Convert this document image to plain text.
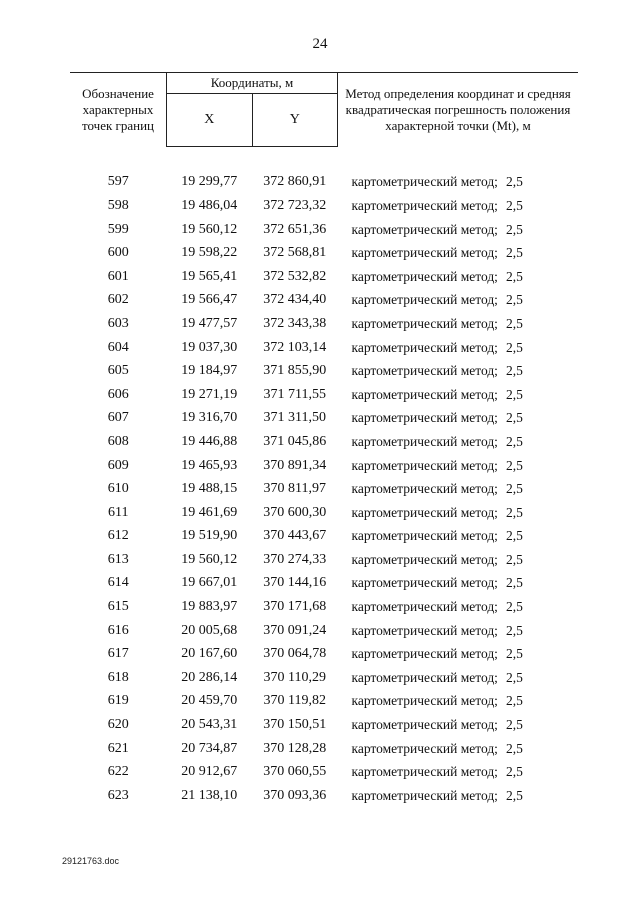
24
Обозначение характерных точек границ	Координаты, м		Метод определения координат и средняя квадратическая погрешность положения характерной точки (Mt), м
	X	Y	

597	19 299,77	372 860,91	картометрический метод; 2,5
598	19 486,04	372 723,32	картометрический метод; 2,5
599	19 560,12	372 651,36	картометрический метод; 2,5
600	19 598,22	372 568,81	картометрический метод; 2,5
601	19 565,41	372 532,82	картометрический метод; 2,5
602	19 566,47	372 434,40	картометрический метод; 2,5
603	19 477,57	372 343,38	картометрический метод; 2,5
604	19 037,30	372 103,14	картометрический метод; 2,5
605	19 184,97	371 855,90	картометрический метод; 2,5
606	19 271,19	371 711,55	картометрический метод; 2,5
607	19 316,70	371 311,50	картометрический метод; 2,5
608	19 446,88	371 045,86	картометрический метод; 2,5
609	19 465,93	370 891,34	картометрический метод; 2,5
610	19 488,15	370 811,97	картометрический метод; 2,5
611	19 461,69	370 600,30	картометрический метод; 2,5
612	19 519,90	370 443,67	картометрический метод; 2,5
613	19 560,12	370 274,33	картометрический метод; 2,5
614	19 667,01	370 144,16	картометрический метод; 2,5
615	19 883,97	370 171,68	картометрический метод; 2,5
616	20 005,68	370 091,24	картометрический метод; 2,5
617	20 167,60	370 064,78	картометрический метод; 2,5
618	20 286,14	370 110,29	картометрический метод; 2,5
619	20 459,70	370 119,82	картометрический метод; 2,5
620	20 543,31	370 150,51	картометрический метод; 2,5
621	20 734,87	370 128,28	картометрический метод; 2,5
622	20 912,67	370 060,55	картометрический метод; 2,5
623	21 138,10	370 093,36	картометрический метод; 2,5
29121763.doc
